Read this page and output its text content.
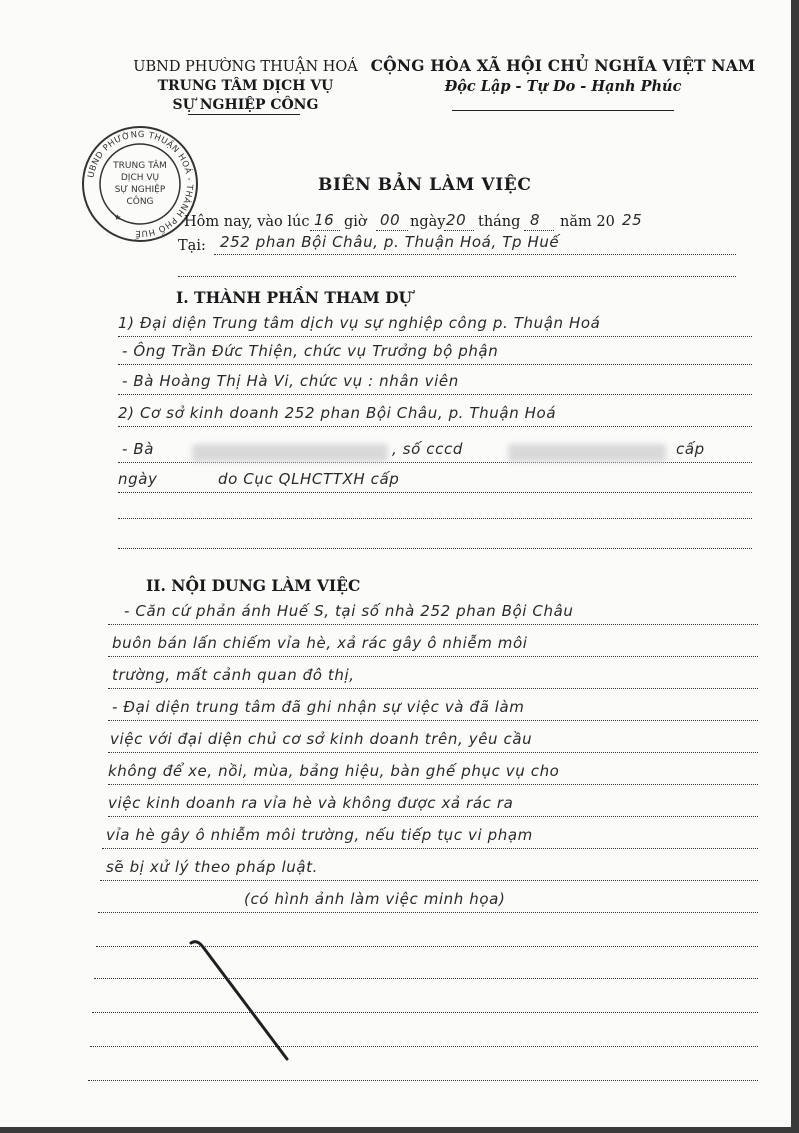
UBND PHƯỜNG THUẬN HOÁ
TRUNG TÂM DỊCH VỤ
SỰ NGHIỆP CÔNG
CỘNG HÒA XÃ HỘI CHỦ NGHĨA VIỆT NAM
Độc Lập - Tự Do - Hạnh Phúc
UBND PHƯỜNG THUẬN HOÁ - THÀNH PHỐ HUẾ
TRUNG TÂM
DỊCH VỤ
SỰ NGHIỆP
CÔNG
★
BIÊN BẢN LÀM VIỆC
Hôm nay, vào lúc 16 giờ 00 ngày 20 tháng 8 năm 20 25
Tại: 252 phan Bội Châu, p. Thuận Hoá, Tp Huế
I. THÀNH PHẦN THAM DỰ
1) Đại diện Trung tâm dịch vụ sự nghiệp công p. Thuận Hoá
- Ông Trần Đức Thiện, chức vụ Trưởng bộ phận
- Bà Hoàng Thị Hà Vi, chức vụ : nhân viên
2) Cơ sở kinh doanh 252 phan Bội Châu, p. Thuận Hoá
- Bà	, số cccd	cấp
ngày	do Cục QLHCTTXH cấp
II. NỘI DUNG LÀM VIỆC
- Căn cứ phản ánh Huế S, tại số nhà 252 phan Bội Châu
buôn bán lấn chiếm vỉa hè, xả rác gây ô nhiễm môi
trường, mất cảnh quan đô thị,
- Đại diện trung tâm đã ghi nhận sự việc và đã làm
việc với đại diện chủ cơ sở kinh doanh trên, yêu cầu
không để xe, nồi, mùa, bảng hiệu, bàn ghế phục vụ cho
việc kinh doanh ra vỉa hè và không được xả rác ra
vỉa hè gây ô nhiễm môi trường, nếu tiếp tục vi phạm
sẽ bị xử lý theo pháp luật.
(có hình ảnh làm việc minh họa)
